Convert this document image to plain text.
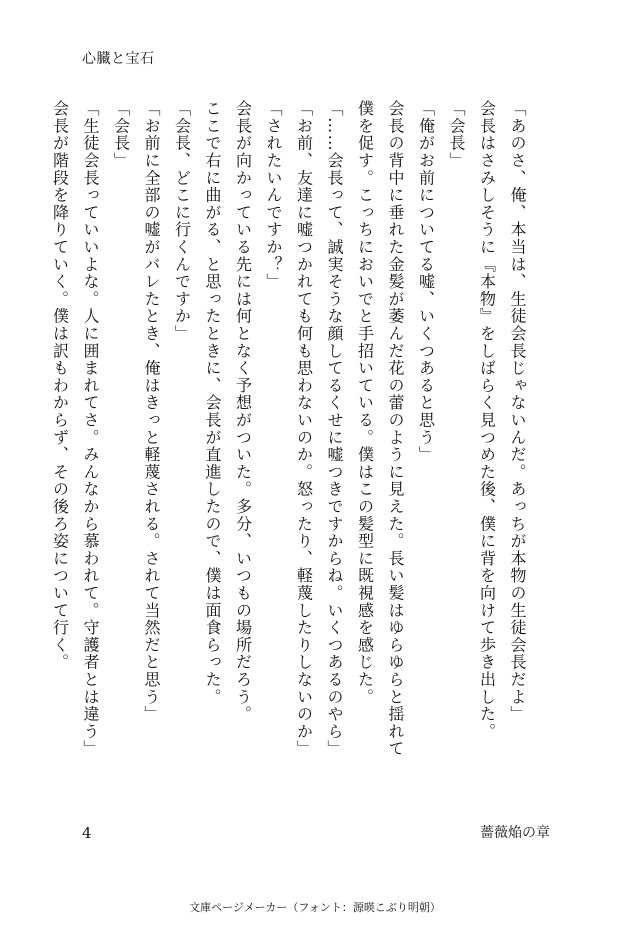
心臓と宝石

「あのさ、俺、本当は、生徒会長じゃないんだ。あっちが本物の生徒会長だよ」

会長はさみしそうに『本物』をしばらく見つめた後、僕に背を向けて歩き出した。

「会長」

「俺がお前についてる嘘、いくつあると思う」

会長の背中に垂れた金髪が萎んだ花の蕾のように見えた。長い髪はゆらゆらと揺れて

僕を促す。こっちにおいでと手招いている。僕はこの髪型に既視感を感じた。

「……会長って、誠実そうな顔してるくせに嘘つきですからね。いくつあるのやら」

「お前、友達に嘘つかれても何も思わないのか。怒ったり、軽蔑したりしないのか」

「されたいんですか？」

会長が向かっている先には何となく予想がついた。多分、いつもの場所だろう。

ここで右に曲がる、と思ったときに、会長が直進したので、僕は面食らった。

「会長、どこに行くんですか」

「お前に全部の嘘がバレたとき、俺はきっと軽蔑される。されて当然だと思う」

「会長」

「生徒会長っていいよな。人に囲まれてさ。みんなから慕われて。守護者とは違う」

会長が階段を降りていく。僕は訳もわからず、その後ろ姿について行く。

4	薔薇焔の章
文庫ページメーカー（フォント：源暎こぶり明朝）
